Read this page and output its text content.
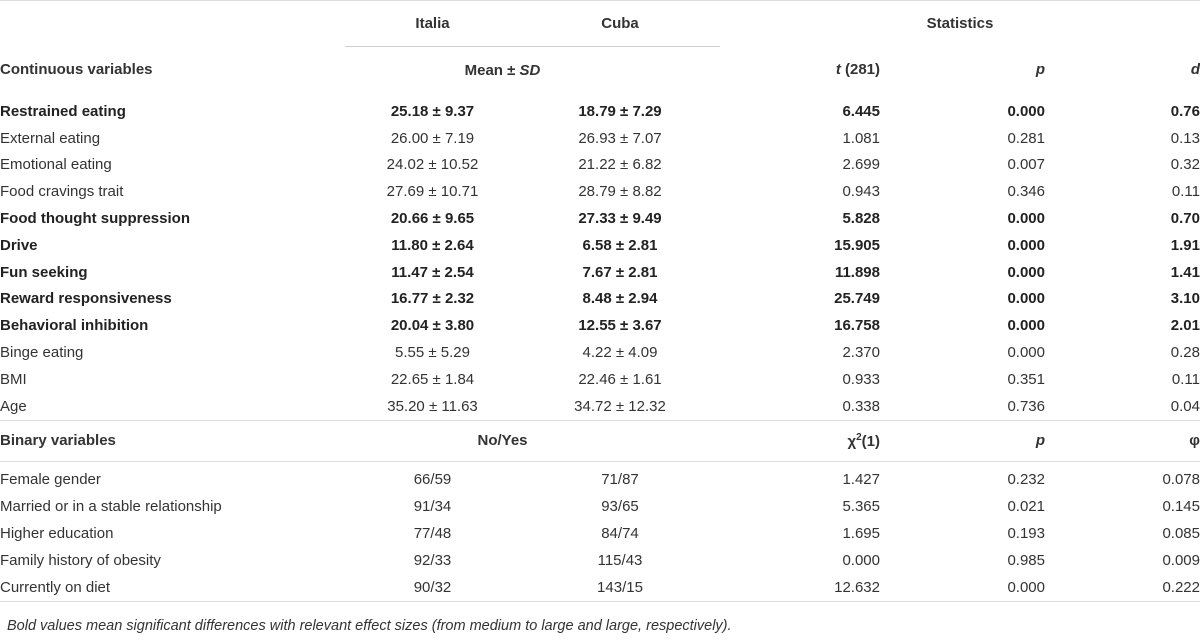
	Italia	Cuba	Statistics		
Continuous variables	Mean ± SD		t (281)	p	d
Restrained eating	25.18 ± 9.37	18.79 ± 7.29	6.445	0.000	0.76
External eating	26.00 ± 7.19	26.93 ± 7.07	1.081	0.281	0.13
Emotional eating	24.02 ± 10.52	21.22 ± 6.82	2.699	0.007	0.32
Food cravings trait	27.69 ± 10.71	28.79 ± 8.82	0.943	0.346	0.11
Food thought suppression	20.66 ± 9.65	27.33 ± 9.49	5.828	0.000	0.70
Drive	11.80 ± 2.64	6.58 ± 2.81	15.905	0.000	1.91
Fun seeking	11.47 ± 2.54	7.67 ± 2.81	11.898	0.000	1.41
Reward responsiveness	16.77 ± 2.32	8.48 ± 2.94	25.749	0.000	3.10
Behavioral inhibition	20.04 ± 3.80	12.55 ± 3.67	16.758	0.000	2.01
Binge eating	5.55 ± 5.29	4.22 ± 4.09	2.370	0.000	0.28
BMI	22.65 ± 1.84	22.46 ± 1.61	0.933	0.351	0.11
Age	35.20 ± 11.63	34.72 ± 12.32	0.338	0.736	0.04
Binary variables	No/Yes		$\chi^2(1)$	p	φ
Female gender	66/59	71/87	1.427	0.232	0.078
Married or in a stable relationship	91/34	93/65	5.365	0.021	0.145
Higher education	77/48	84/74	1.695	0.193	0.085
Family history of obesity	92/33	115/43	0.000	0.985	0.009
Currently on diet	90/32	143/15	12.632	0.000	0.222
Bold values mean significant differences with relevant effect sizes (from medium to large and large, respectively).
